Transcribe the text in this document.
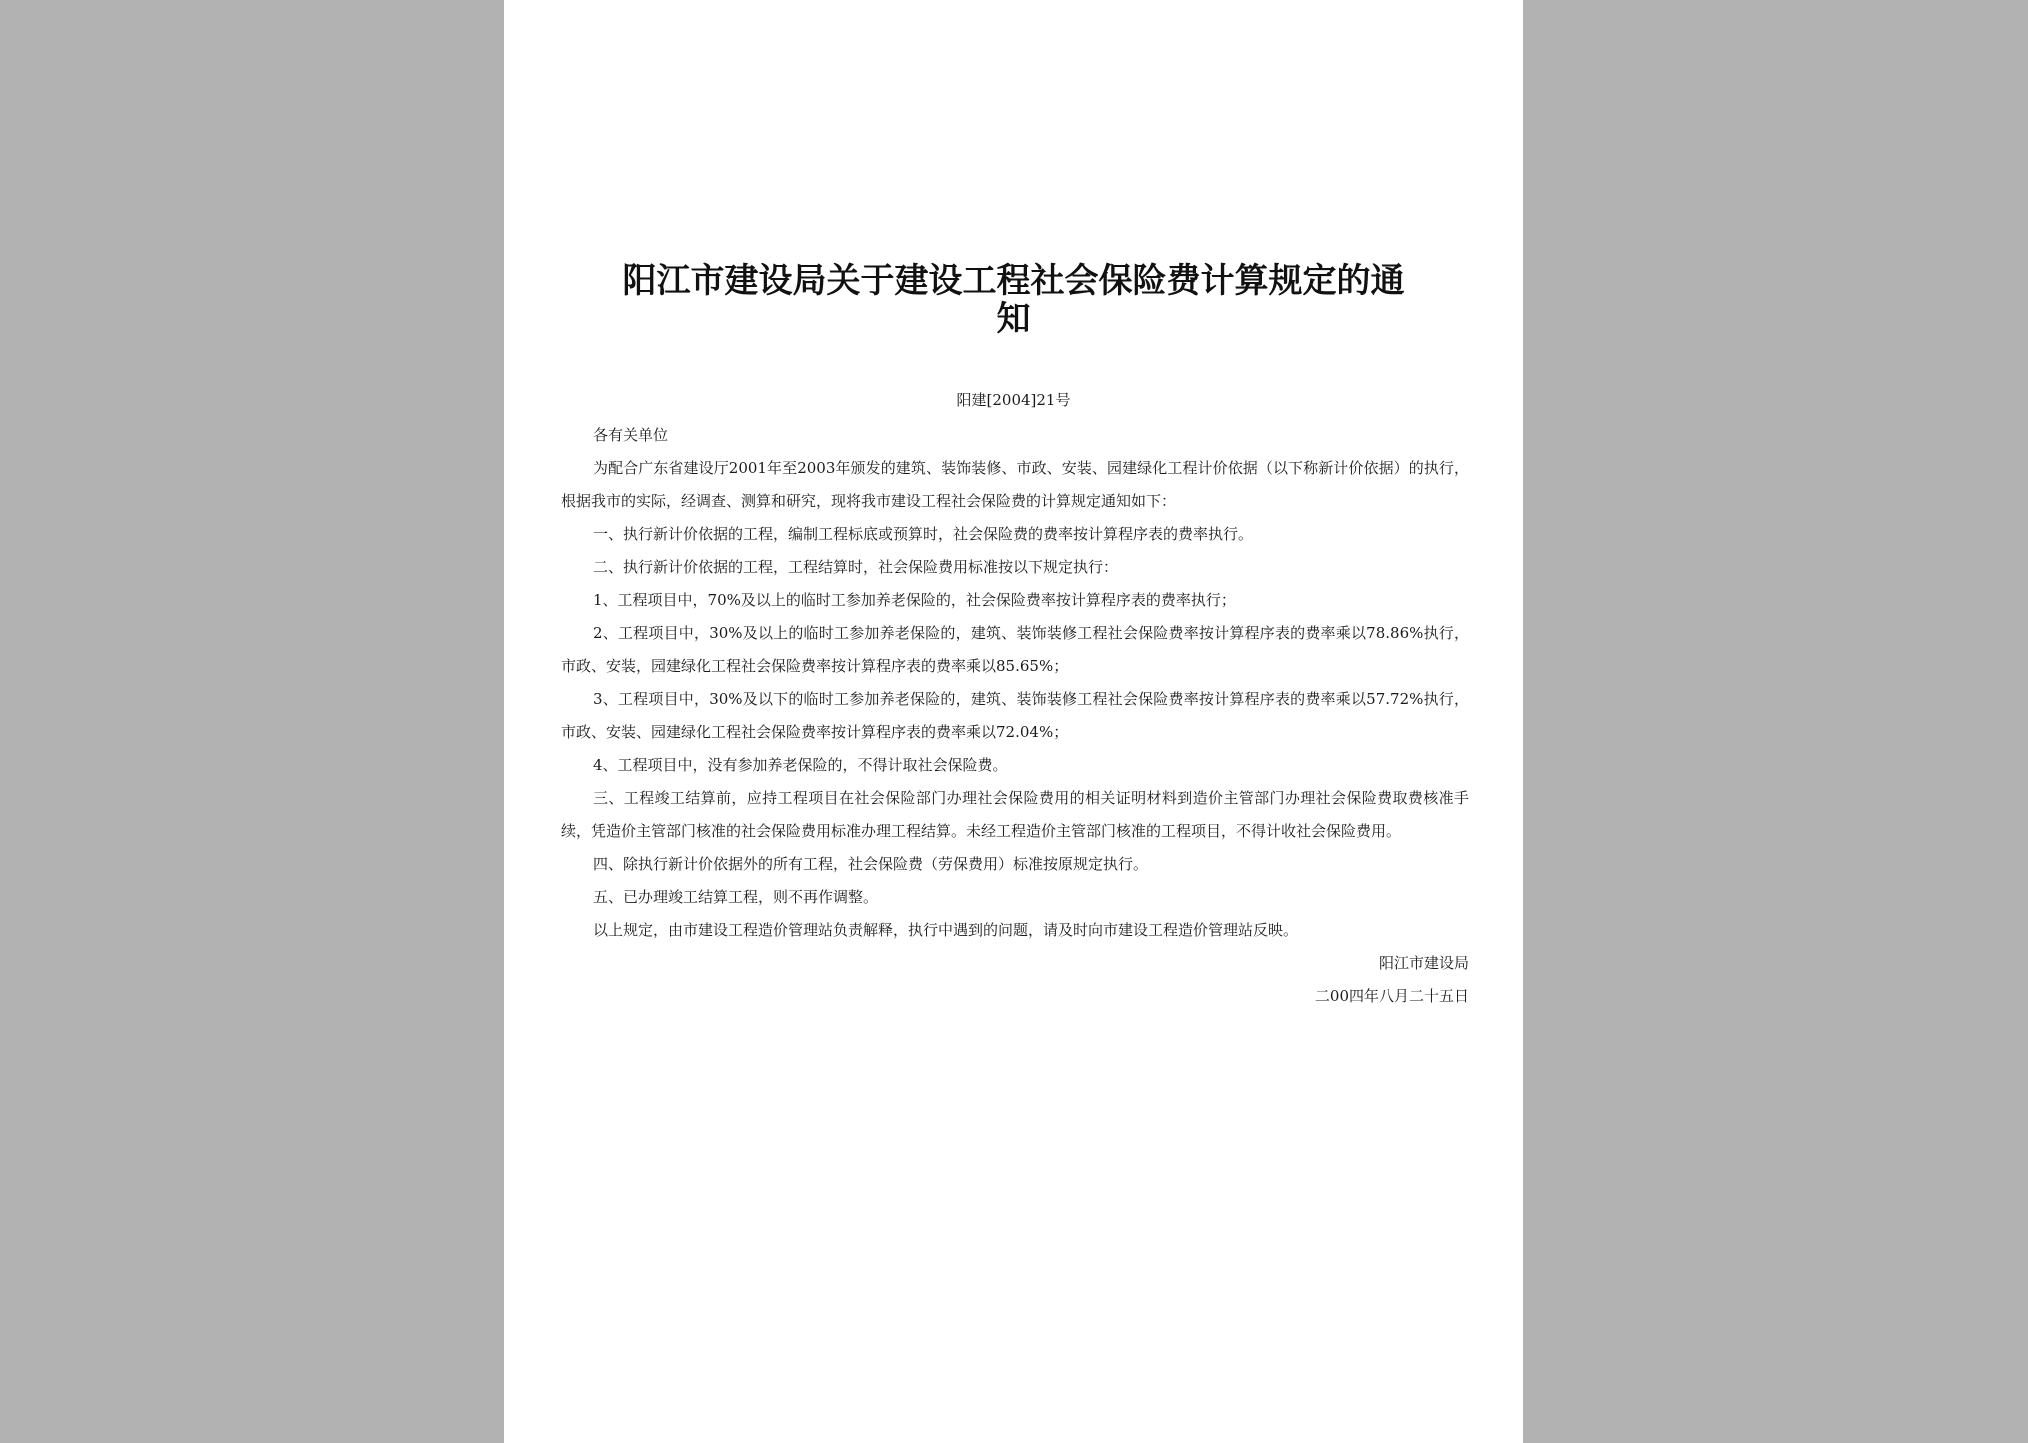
阳江市建设局关于建设工程社会保险费计算规定的通
知
阳建[2004]21号

各有关单位

为配合广东省建设厅2001年至2003年颁发的建筑、装饰装修、市政、安装、园建绿化工程计价依据（以下称新计价依据）的执行，根据我市的实际，经调查、测算和研究，现将我市建设工程社会保险费的计算规定通知如下：

一、执行新计价依据的工程，编制工程标底或预算时，社会保险费的费率按计算程序表的费率执行。

二、执行新计价依据的工程，工程结算时，社会保险费用标准按以下规定执行：

1、工程项目中，70%及以上的临时工参加养老保险的，社会保险费率按计算程序表的费率执行；

2、工程项目中，30%及以上的临时工参加养老保险的，建筑、装饰装修工程社会保险费率按计算程序表的费率乘以78.86%执行，市政、安装，园建绿化工程社会保险费率按计算程序表的费率乘以85.65%；

3、工程项目中，30%及以下的临时工参加养老保险的，建筑、装饰装修工程社会保险费率按计算程序表的费率乘以57.72%执行，市政、安装、园建绿化工程社会保险费率按计算程序表的费率乘以72.04%；

4、工程项目中，没有参加养老保险的，不得计取社会保险费。

三、工程竣工结算前，应持工程项目在社会保险部门办理社会保险费用的相关证明材料到造价主管部门办理社会保险费取费核准手续，凭造价主管部门核准的社会保险费用标准办理工程结算。未经工程造价主管部门核准的工程项目，不得计收社会保险费用。

四、除执行新计价依据外的所有工程，社会保险费（劳保费用）标准按原规定执行。

五、已办理竣工结算工程，则不再作调整。

以上规定，由市建设工程造价管理站负责解释，执行中遇到的问题，请及时向市建设工程造价管理站反映。

阳江市建设局

二00四年八月二十五日
